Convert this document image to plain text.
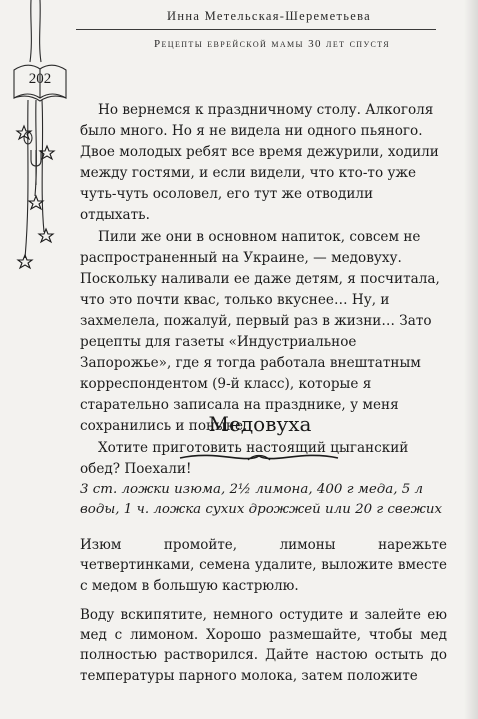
Инна Метельская-Шереметьева
Рецепты еврейской мамы 30 лет спустя
202

Но вернемся к праздничному столу. Алкоголя было много. Но я не видела ни одного пьяного. Двое молодых ребят все время дежурили, ходили между гостями, и если видели, что кто-то уже чуть-чуть осоловел, его тут же отводили отдыхать.

Пили же они в основном напиток, совсем не распространенный на Украине, — медовуху. Поскольку наливали ее даже детям, я посчитала, что это почти квас, только вкуснее… Ну, и захмелела, пожалуй, первый раз в жизни… Зато рецепты для газеты «Индустриальное Запорожье», где я тогда работала внештатным корреспондентом (9-й класс), которые я старательно записала на празднике, у меня сохранились и поныне.

Хотите приготовить настоящий цыганский обед? Поехали!

Медовуха

3 ст. ложки изюма, 2½ лимона, 400 г меда, 5 л воды, 1 ч. ложка сухих дрожжей или 20 г свежих

Изюм промойте, лимоны нарежьте четвертинками, семена удалите, выложите вместе с медом в большую кастрюлю.

Воду вскипятите, немного остудите и залейте ею мед с лимоном. Хорошо размешайте, чтобы мед полностью растворился. Дайте настою остыть до температуры парного молока, затем положите
